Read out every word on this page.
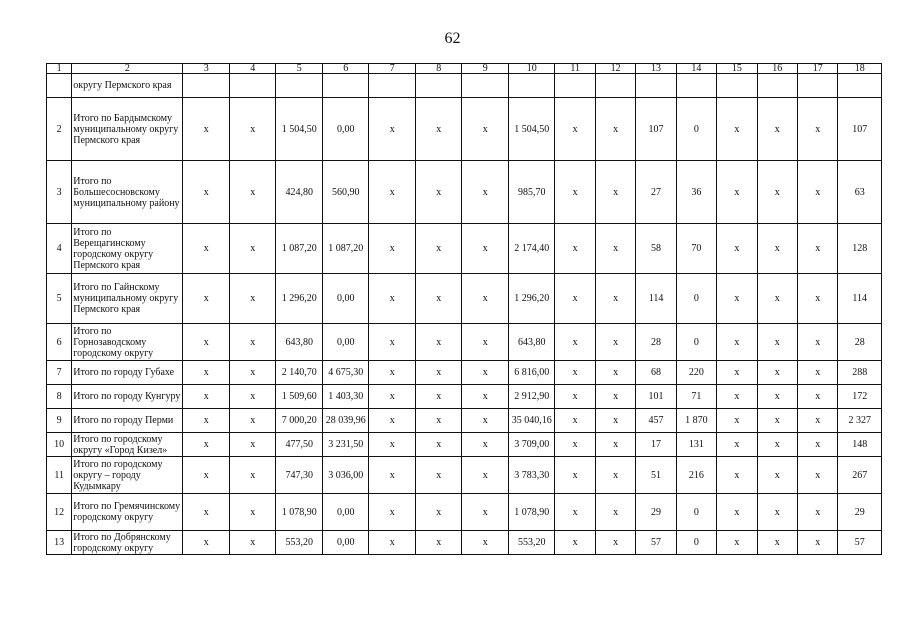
62
1	2	3	4	5	6	7	8	9	10	11	12	13	14	15	16	17	18
	округу Пермского края																
2	Итого по Бардымскому муниципальному округу Пермского края	x	x	1 504,50	0,00	x	x	x	1 504,50	x	x	107	0	x	x	x	107
3	Итого по Большесосновскому муниципальному району	x	x	424,80	560,90	x	x	x	985,70	x	x	27	36	x	x	x	63
4	Итого по Верещагинскому городскому округу Пермского края	x	x	1 087,20	1 087,20	x	x	x	2 174,40	x	x	58	70	x	x	x	128
5	Итого по Гайнскому муниципальному округу Пермского края	x	x	1 296,20	0,00	x	x	x	1 296,20	x	x	114	0	x	x	x	114
6	Итого по Горнозаводскому городскому округу	x	x	643,80	0,00	x	x	x	643,80	x	x	28	0	x	x	x	28
7	Итого по городу Губахе	x	x	2 140,70	4 675,30	x	x	x	6 816,00	x	x	68	220	x	x	x	288
8	Итого по городу Кунгуру	x	x	1 509,60	1 403,30	x	x	x	2 912,90	x	x	101	71	x	x	x	172
9	Итого по городу Перми	x	x	7 000,20	28 039,96	x	x	x	35 040,16	x	x	457	1 870	x	x	x	2 327
10	Итого по городскому округу «Город Кизел»	x	x	477,50	3 231,50	x	x	x	3 709,00	x	x	17	131	x	x	x	148
11	Итого по городскому округу – городу Кудымкару	x	x	747,30	3 036,00	x	x	x	3 783,30	x	x	51	216	x	x	x	267
12	Итого по Гремячинскому городскому округу	x	x	1 078,90	0,00	x	x	x	1 078,90	x	x	29	0	x	x	x	29
13	Итого по Добрянскому городскому округу	x	x	553,20	0,00	x	x	x	553,20	x	x	57	0	x	x	x	57
